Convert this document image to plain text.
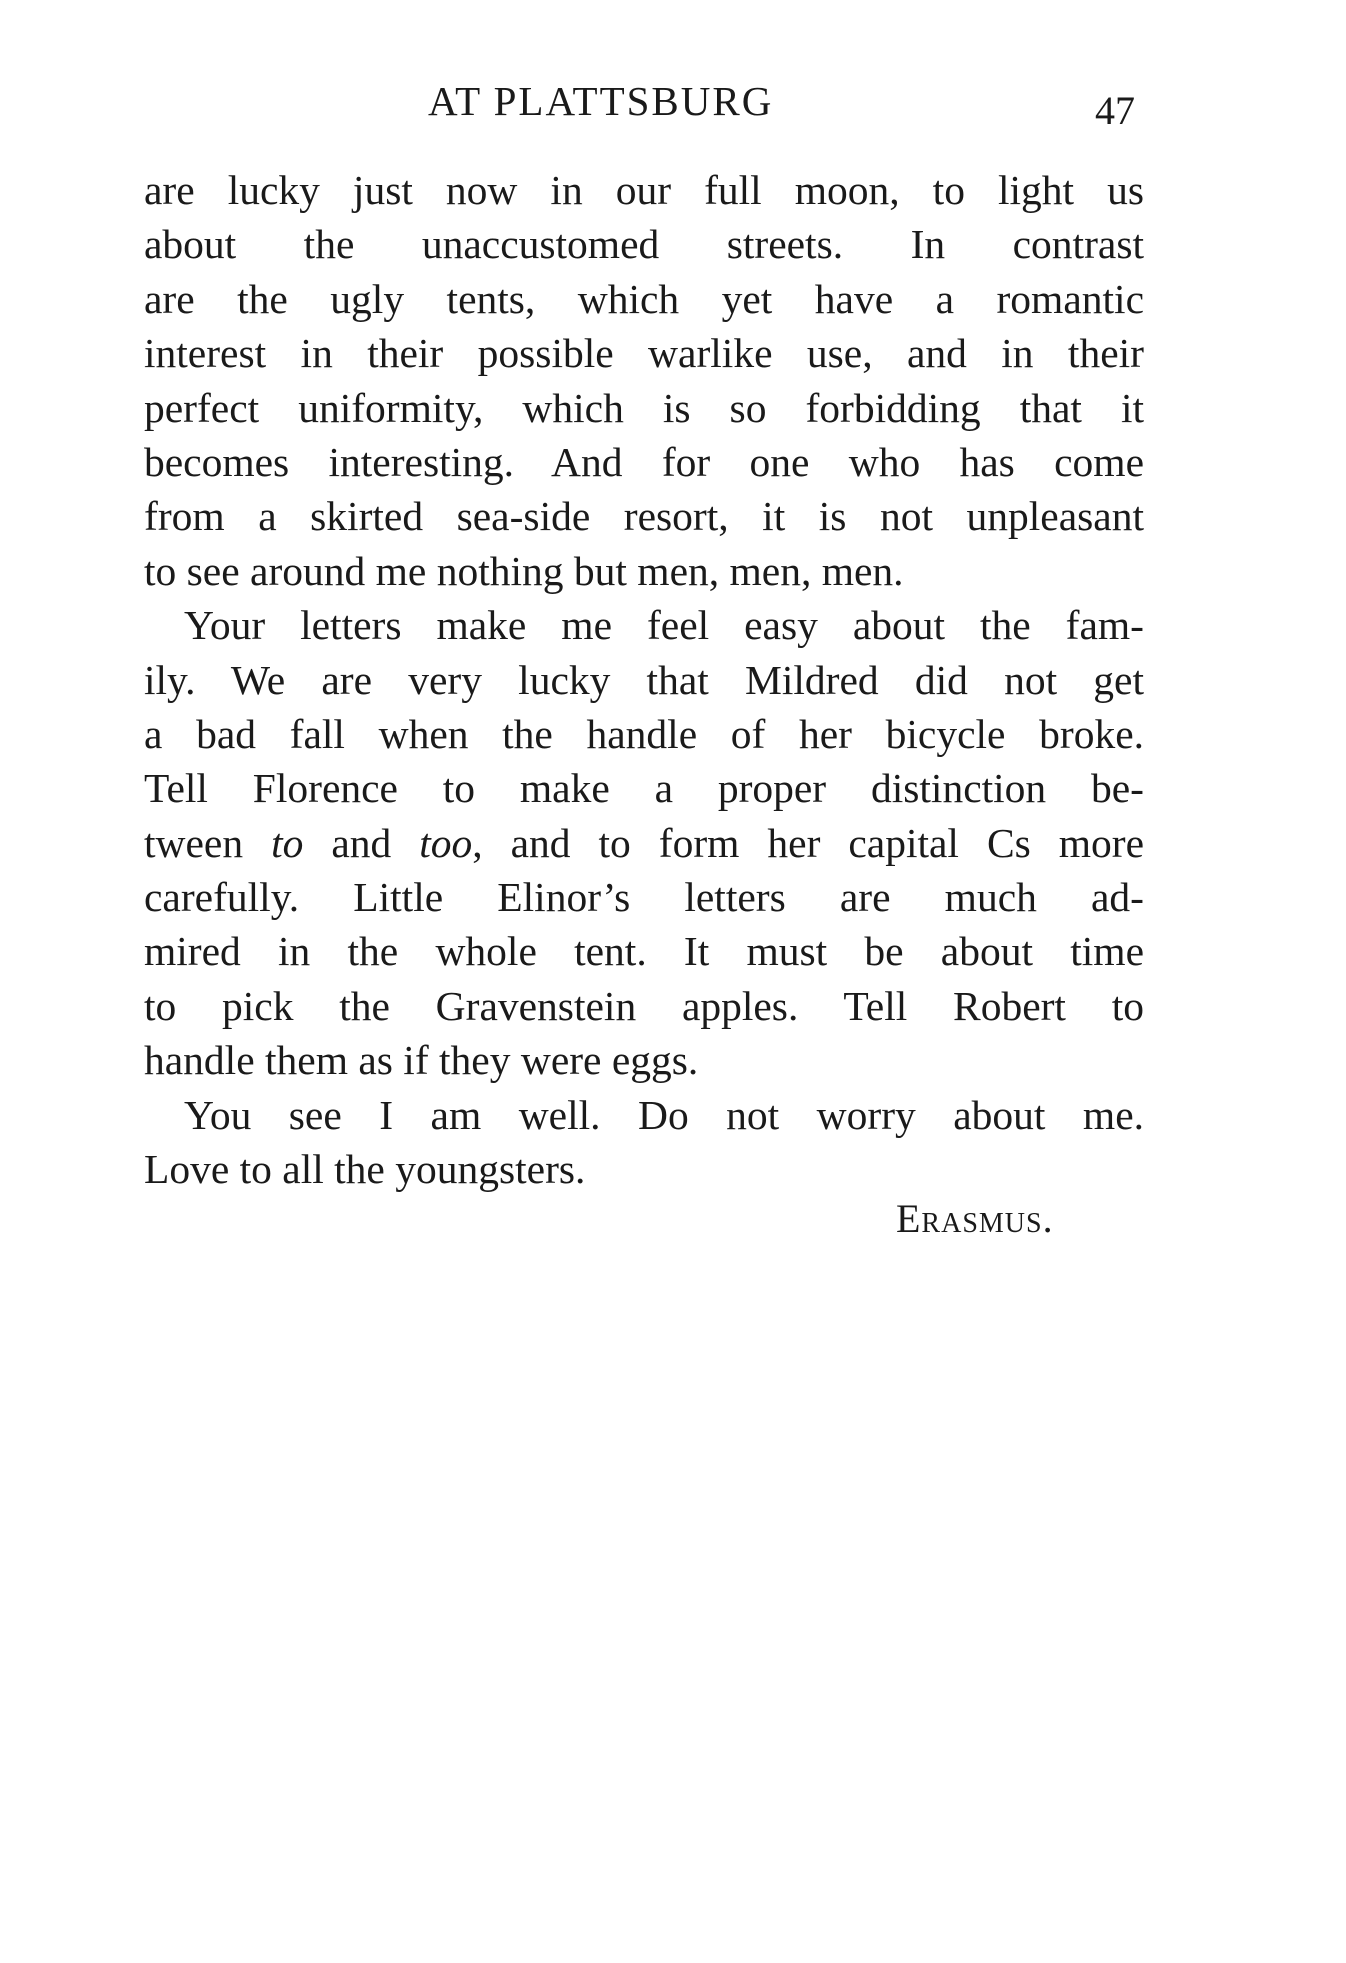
AT PLATTSBURG	47
are lucky just now in our full moon, to light us
about the unaccustomed streets. In contrast
are the ugly tents, which yet have a romantic
interest in their possible warlike use, and in their
perfect uniformity, which is so forbidding that it
becomes interesting. And for one who has come
from a skirted sea-side resort, it is not unpleasant
to see around me nothing but men, men, men.
Your letters make me feel easy about the fam-
ily. We are very lucky that Mildred did not get
a bad fall when the handle of her bicycle broke.
Tell Florence to make a proper distinction be-
tween to and too, and to form her capital Cs more
carefully. Little Elinor’s letters are much ad-
mired in the whole tent. It must be about time
to pick the Gravenstein apples. Tell Robert to
handle them as if they were eggs.
You see I am well. Do not worry about me.
Love to all the youngsters.
Erasmus.
